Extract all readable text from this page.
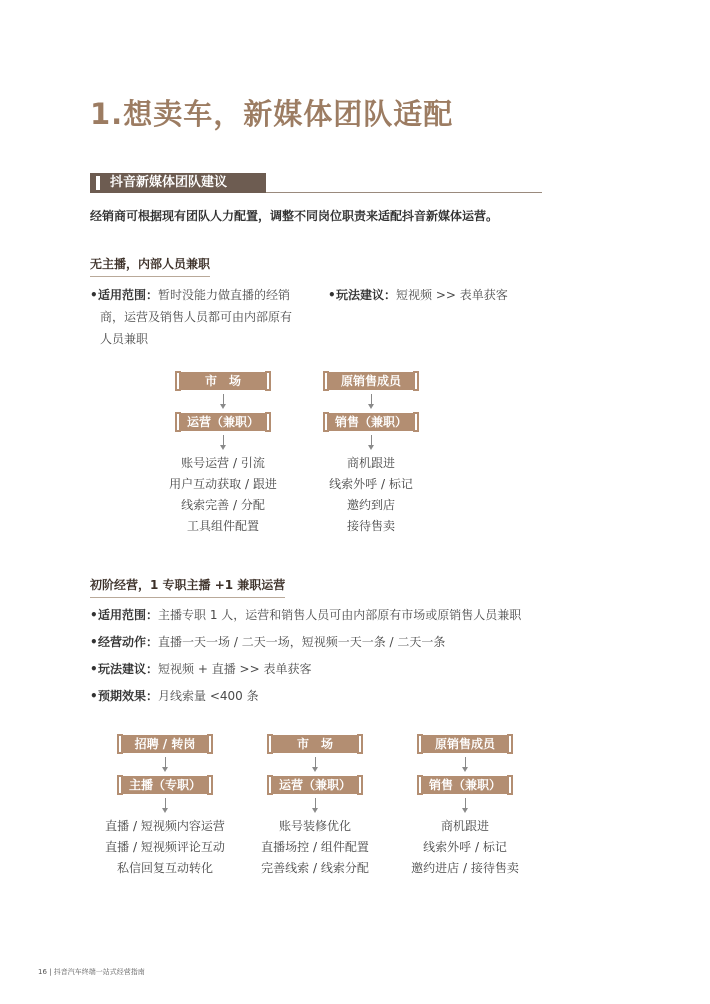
1.想卖车，新媒体团队适配
抖音新媒体团队建议
经销商可根据现有团队人力配置，调整不同岗位职责来适配抖音新媒体运营。
无主播，内部人员兼职
•适用范围：暂时没能力做直播的经销
商，运营及销售人员都可由内部原有
人员兼职
•玩法建议：短视频 >> 表单获客
市　场
运营（兼职）
账号运营 / 引流
用户互动获取 / 跟进
线索完善 / 分配
工具组件配置
原销售成员
销售（兼职）
商机跟进
线索外呼 / 标记
邀约到店
接待售卖
初阶经营，1 专职主播 +1 兼职运营
•适用范围：主播专职 1 人，运营和销售人员可由内部原有市场或原销售人员兼职
•经营动作：直播一天一场 / 二天一场，短视频一天一条 / 二天一条
•玩法建议：短视频 + 直播 >> 表单获客
•预期效果：月线索量 <400 条
招聘 / 转岗
主播（专职）
直播 / 短视频内容运营
直播 / 短视频评论互动
私信回复互动转化
市　场
运营（兼职）
账号装修优化
直播场控 / 组件配置
完善线索 / 线索分配
原销售成员
销售（兼职）
商机跟进
线索外呼 / 标记
邀约进店 / 接待售卖
16 | 抖音汽车终端一站式经营指南
